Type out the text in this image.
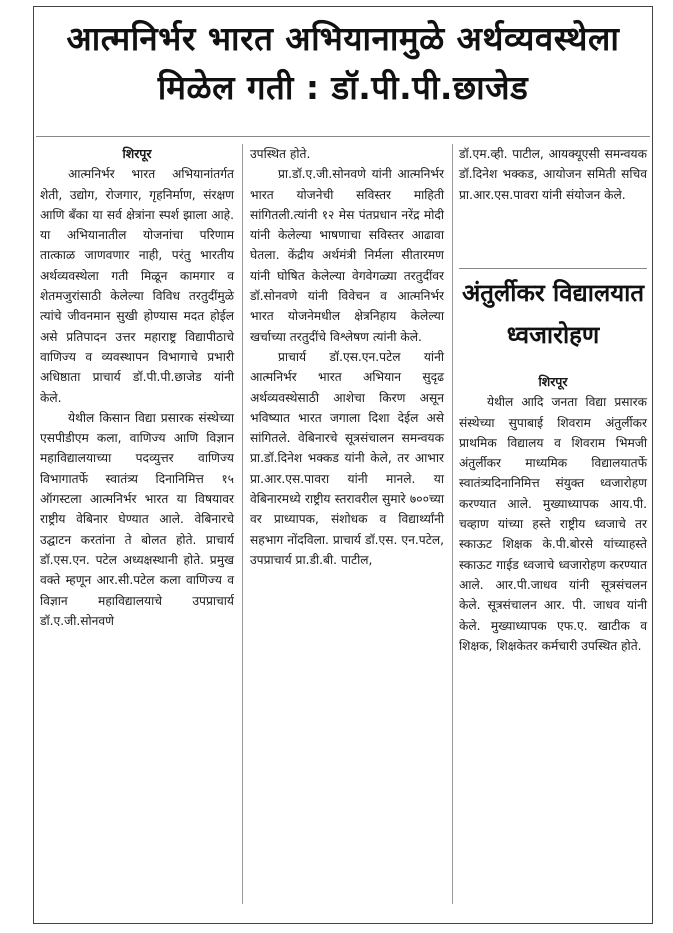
आत्मनिर्भर भारत अभियानामुळे अर्थव्यवस्थेला
मिळेल गती : डॉ.पी.पी.छाजेड

शिरपूर

आत्मनिर्भर भारत अभियानांतर्गत शेती, उद्योग, रोजगार, गृहनिर्माण, संरक्षण आणि बँका या सर्व क्षेत्रांना स्पर्श झाला आहे. या अभियानातील योजनांचा परिणाम तात्काळ जाणवणार नाही, परंतु भारतीय अर्थव्यवस्थेला गती मिळून कामगार व शेतमजुरांसाठी केलेल्या विविध तरतुदींमुळे त्यांचे जीवनमान सुखी होण्यास मदत होईल असे प्रतिपादन उत्तर महाराष्ट्र विद्यापीठाचे वाणिज्य व व्यवस्थापन विभागाचे प्रभारी अधिष्ठाता प्राचार्य डॉ.पी.पी.छाजेड यांनी केले.

येथील किसान विद्या प्रसारक संस्थेच्या एसपीडीएम कला, वाणिज्य आणि विज्ञान महाविद्यालयाच्या पदव्युत्तर वाणिज्य विभागातर्फे स्वातंत्र्य दिनानिमित्त १५ ऑगस्टला आत्मनिर्भर भारत या विषयावर राष्ट्रीय वेबिनार घेण्यात आले. वेबिनारचे उद्घाटन करतांना ते बोलत होते. प्राचार्य डॉ.एस.एन. पटेल अध्यक्षस्थानी होते. प्रमुख वक्ते म्हणून आर.सी.पटेल कला वाणिज्य व विज्ञान महाविद्यालयाचे उपप्राचार्य डॉ.ए.जी.सोनवणे

उपस्थित होते.

प्रा.डॉ.ए.जी.सोनवणे यांनी आत्मनिर्भर भारत योजनेची सविस्तर माहिती सांगितली.त्यांनी १२ मेस पंतप्रधान नरेंद्र मोदी यांनी केलेल्या भाषणाचा सविस्तर आढावा घेतला. केंद्रीय अर्थमंत्री निर्मला सीतारमण यांनी घोषित केलेल्या वेगवेगळ्या तरतुदींवर डॉ.सोनवणे यांनी विवेचन व आत्मनिर्भर भारत योजनेमधील क्षेत्रनिहाय केलेल्या खर्चाच्या तरतुदींचे विश्लेषण त्यांनी केले.

प्राचार्य डॉ.एस.एन.पटेल यांनी आत्मनिर्भर भारत अभियान सुदृढ अर्थव्यवस्थेसाठी आशेचा किरण असून भविष्यात भारत जगाला दिशा देईल असे सांगितले. वेबिनारचे सूत्रसंचालन समन्वयक प्रा.डॉ.दिनेश भक्कड यांनी केले, तर आभार प्रा.आर.एस.पावरा यांनी मानले. या वेबिनारमध्ये राष्ट्रीय स्तरावरील सुमारे ७००च्या वर प्राध्यापक, संशोधक व विद्यार्थ्यांनी सहभाग नोंदविला. प्राचार्य डॉ.एस. एन.पटेल, उपप्राचार्य प्रा.डी.बी. पाटील,

डॉ.एम.व्ही. पाटील, आयक्यूएसी समन्वयक डॉ.दिनेश भक्कड, आयोजन समिती सचिव प्रा.आर.एस.पावरा यांनी संयोजन केले.

अंतुर्लीकर विद्यालयात
ध्वजारोहण

शिरपूर

येथील आदि जनता विद्या प्रसारक संस्थेच्या सुपाबाई शिवराम अंतुर्लीकर प्राथमिक विद्यालय व शिवराम भिमजी अंतुर्लीकर माध्यमिक विद्यालयातर्फे स्वातंत्र्यदिनानिमित्त संयुक्त ध्वजारोहण करण्यात आले. मुख्याध्यापक आय.पी. चव्हाण यांच्या हस्ते राष्ट्रीय ध्वजाचे तर स्काऊट शिक्षक के.पी.बोरसे यांच्याहस्ते स्काऊट गाईड ध्वजाचे ध्वजारोहण करण्यात आले. आर.पी.जाधव यांनी सूत्रसंचलन केले. सूत्रसंचालन आर. पी. जाधव यांनी केले. मुख्याध्यापक एफ.ए. खाटीक व शिक्षक, शिक्षकेतर कर्मचारी उपस्थित होते.
